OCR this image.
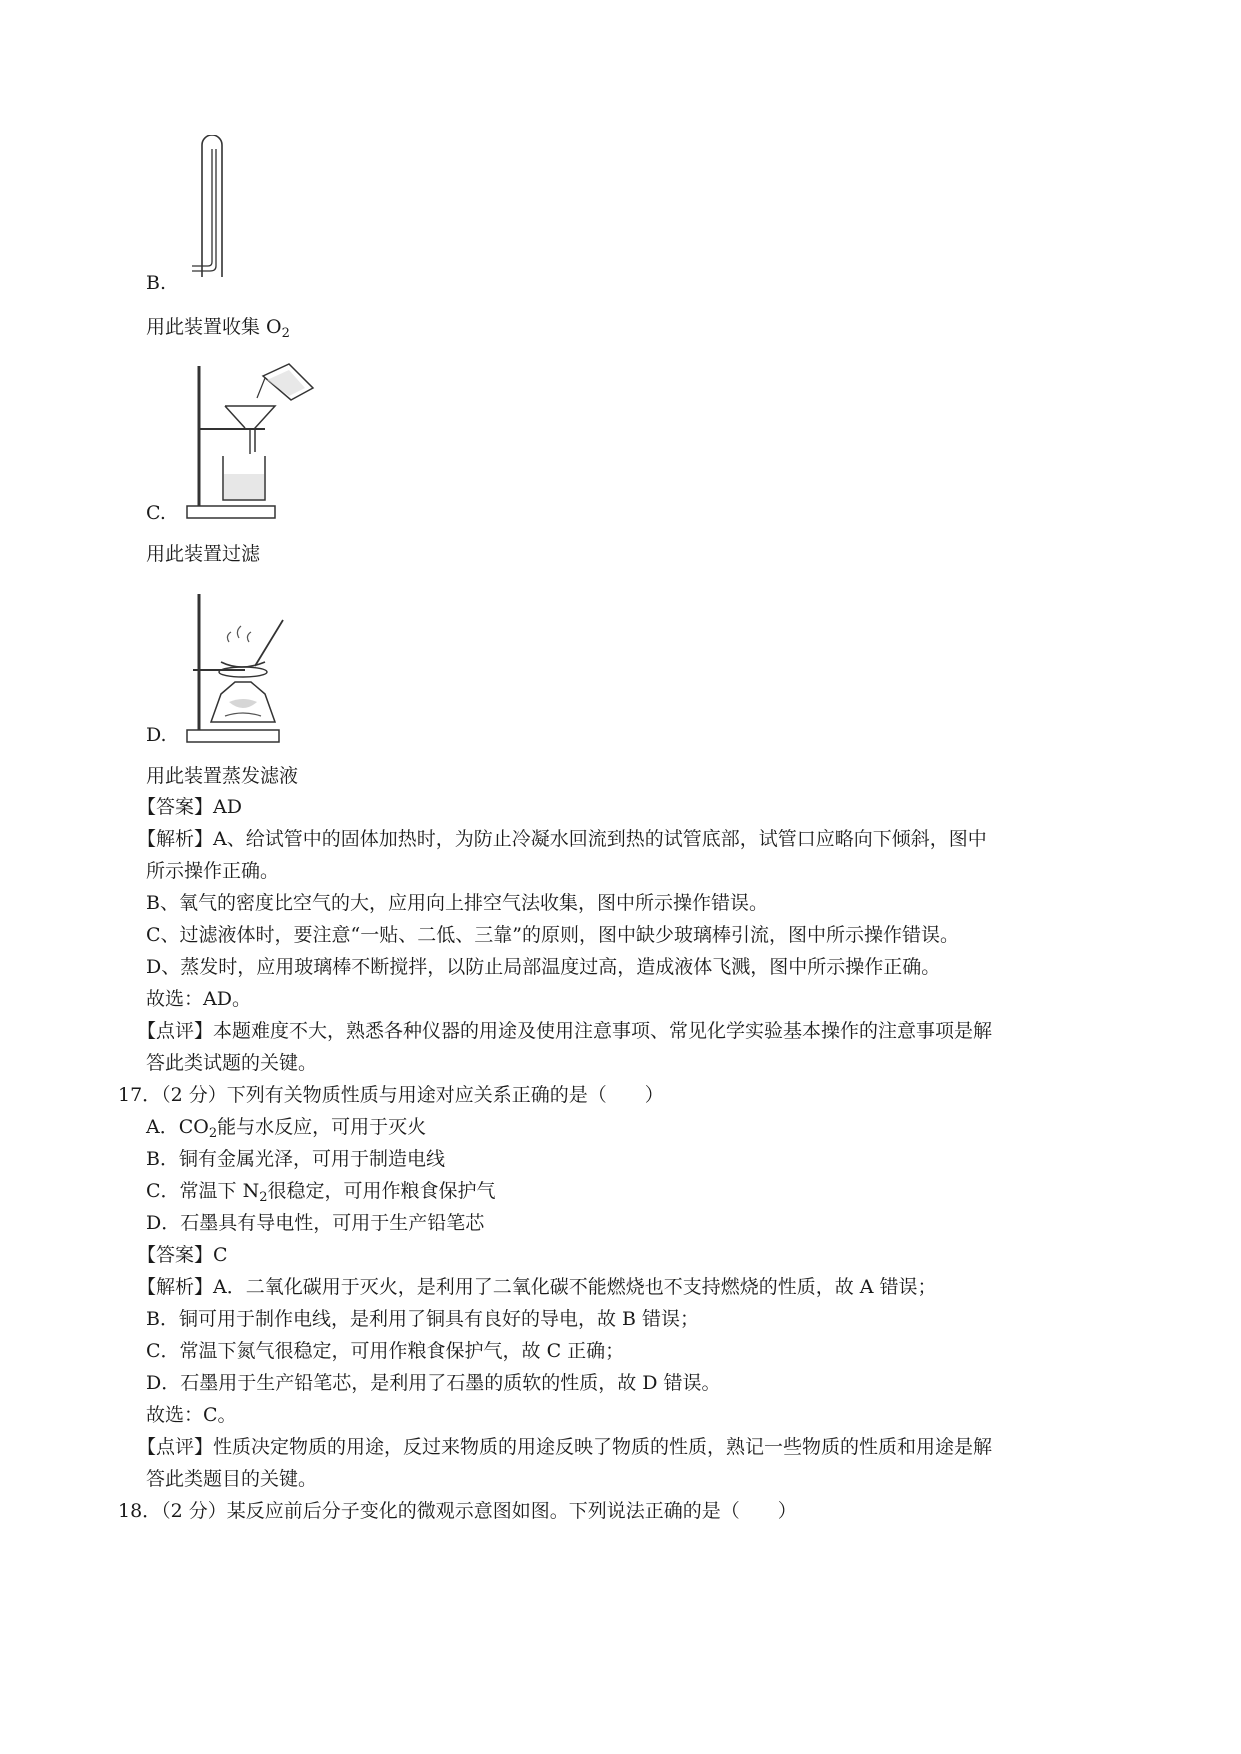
B.
用此装置收集 $O_2$
C.
用此装置过滤
D.
用此装置蒸发滤液
【答案】AD
【解析】A、给试管中的固体加热时，为防止冷凝水回流到热的试管底部，试管口应略向下倾斜，图中
所示操作正确。
B、氧气的密度比空气的大，应用向上排空气法收集，图中所示操作错误。
C、过滤液体时，要注意“一贴、二低、三靠”的原则，图中缺少玻璃棒引流，图中所示操作错误。
D、蒸发时，应用玻璃棒不断搅拌，以防止局部温度过高，造成液体飞溅，图中所示操作正确。
故选：AD。
【点评】本题难度不大，熟悉各种仪器的用途及使用注意事项、常见化学实验基本操作的注意事项是解
答此类试题的关键。
17．（2 分）下列有关物质性质与用途对应关系正确的是（　　）
A．$CO_2$能与水反应，可用于灭火
B．铜有金属光泽，可用于制造电线
C．常温下 $N_2$很稳定，可用作粮食保护气
D．石墨具有导电性，可用于生产铅笔芯
【答案】C
【解析】A．二氧化碳用于灭火，是利用了二氧化碳不能燃烧也不支持燃烧的性质，故 A 错误；
B．铜可用于制作电线，是利用了铜具有良好的导电，故 B 错误；
C．常温下氮气很稳定，可用作粮食保护气，故 C 正确；
D．石墨用于生产铅笔芯，是利用了石墨的质软的性质，故 D 错误。
故选：C。
【点评】性质决定物质的用途，反过来物质的用途反映了物质的性质，熟记一些物质的性质和用途是解
答此类题目的关键。
18．（2 分）某反应前后分子变化的微观示意图如图。下列说法正确的是（　　）
